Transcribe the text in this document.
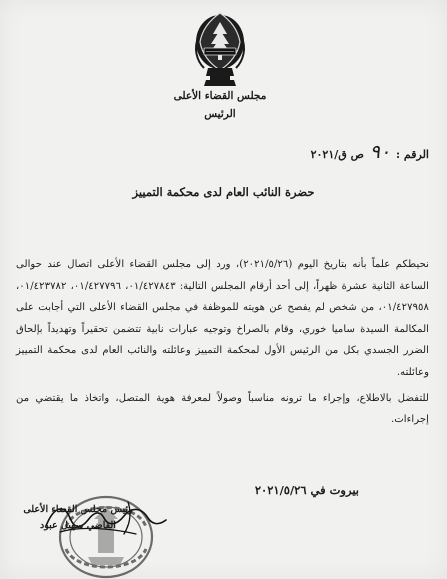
مجلس القضاء الأعلى
الرئيس
الرقم : ٩٠ ص ق/٢٠٢١
حضرة النائب العام لدى محكمة التمييز

نحيطكم علماً بأنه بتاريخ اليوم (٢٠٢١/٥/٢٦)، ورد إلى مجلس القضاء الأعلى اتصال عند حوالى الساعة الثانية عشرة ظهراً، إلى أحد أرقام المجلس التالية: ٠١/٤٢٧٨٤٣، ٠١/٤٢٧٧٩٦، ٠١/٤٢٣٧٨٢، ٠١/٤٢٧٩٥٨، من شخص لم يفصح عن هويته للموظفة في مجلس القضاء الأعلى التي أجابت على المكالمة السيدة ساميا خوري، وقام بالصراخ وتوجيه عبارات نابية تتضمن تحقيراً وتهديداً بإلحاق الضرر الجسدي بكل من الرئيس الأول لمحكمة التمييز وعائلته والنائب العام لدى محكمة التمييز وعائلته.

للتفضل بالاطلاع، وإجراء ما ترونه مناسباً وصولاً لمعرفة هوية المتصل، واتخاذ ما يقتضي من إجراءات.

بيروت في ٢٠٢١/٥/٢٦
رئيس مجلس القضاء الأعلى
القاضي سهيل عبود
